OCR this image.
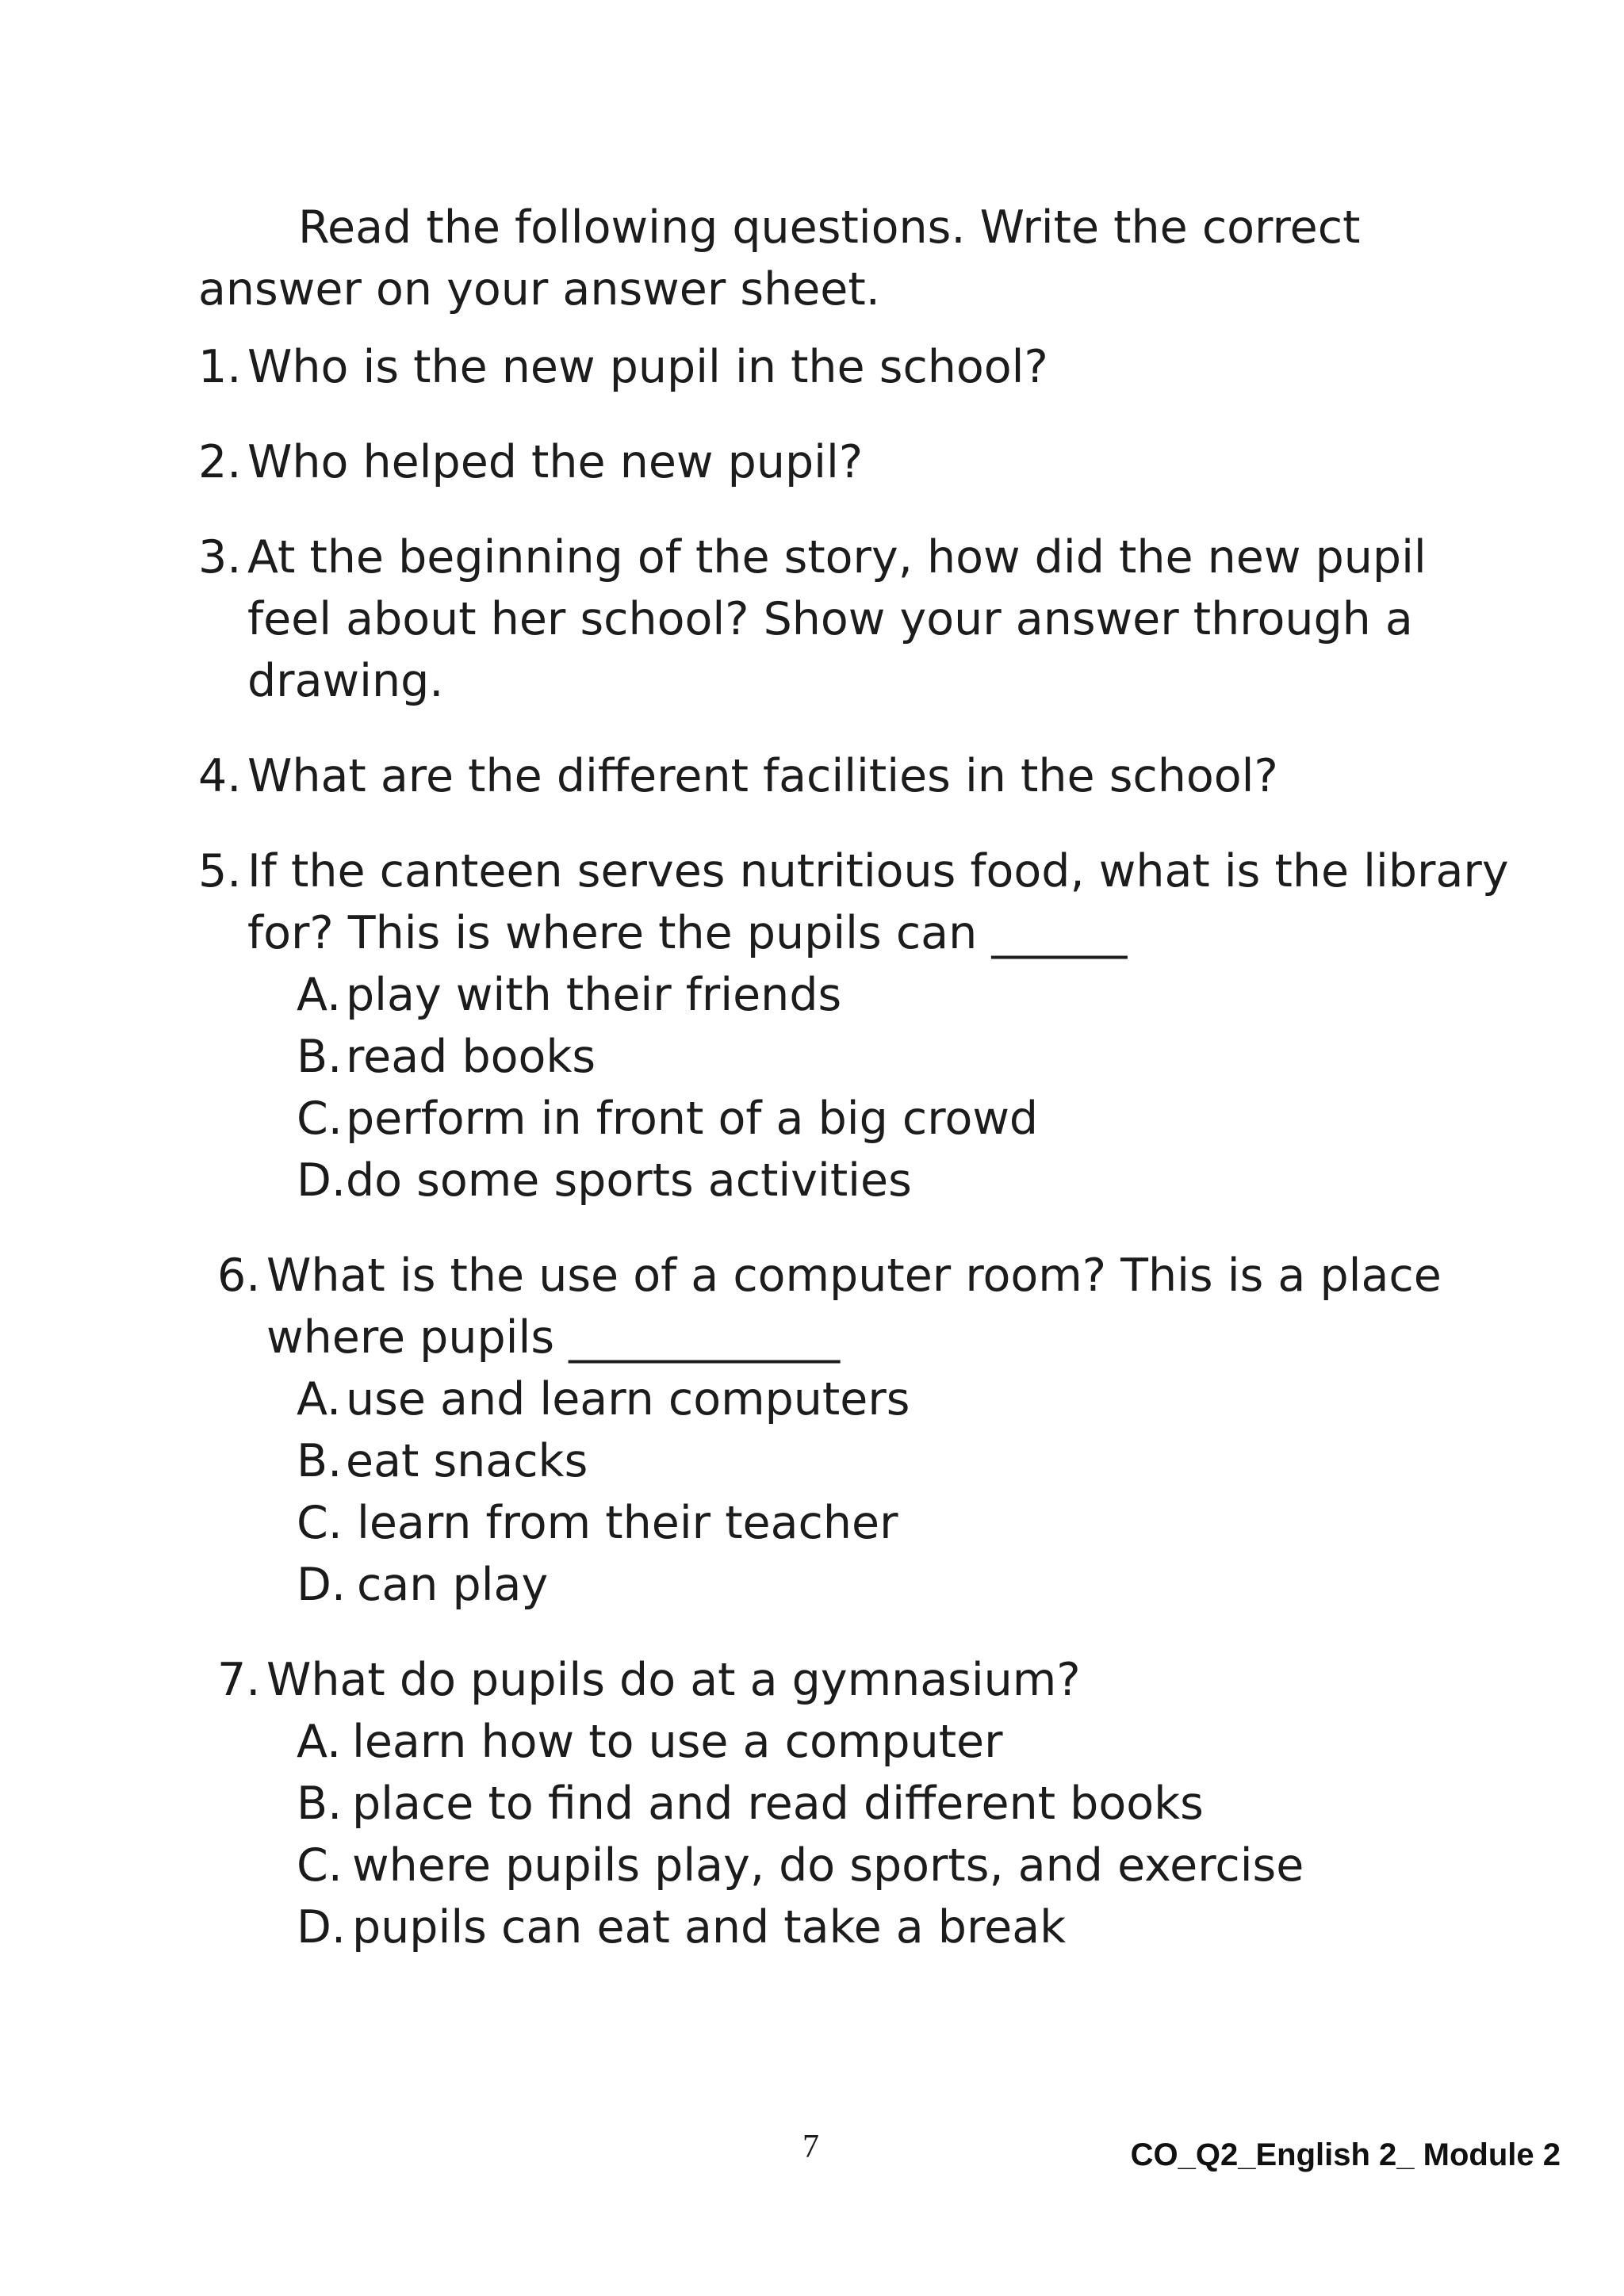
Read the following questions. Write the correct
answer on your answer sheet.
1. Who is the new pupil in the school?
2. Who helped the new pupil?
3. At the beginning of the story, how did the new pupil
feel about her school? Show your answer through a
drawing.
4. What are the different facilities in the school?
5. If the canteen serves nutritious food, what is the library
for? This is where the pupils can ______
A. play with their friends
B. read books
C. perform in front of a big crowd
D. do some sports activities
6. What is the use of a computer room? This is a place
where pupils ____________
A. use and learn computers
B. eat snacks
C. learn from their teacher
D. can play
7. What do pupils do at a gymnasium?
A. learn how to use a computer
B. place to find and read different books
C. where pupils play, do sports, and exercise
D. pupils can eat and take a break
7	CO_Q2_English 2_ Module 2
